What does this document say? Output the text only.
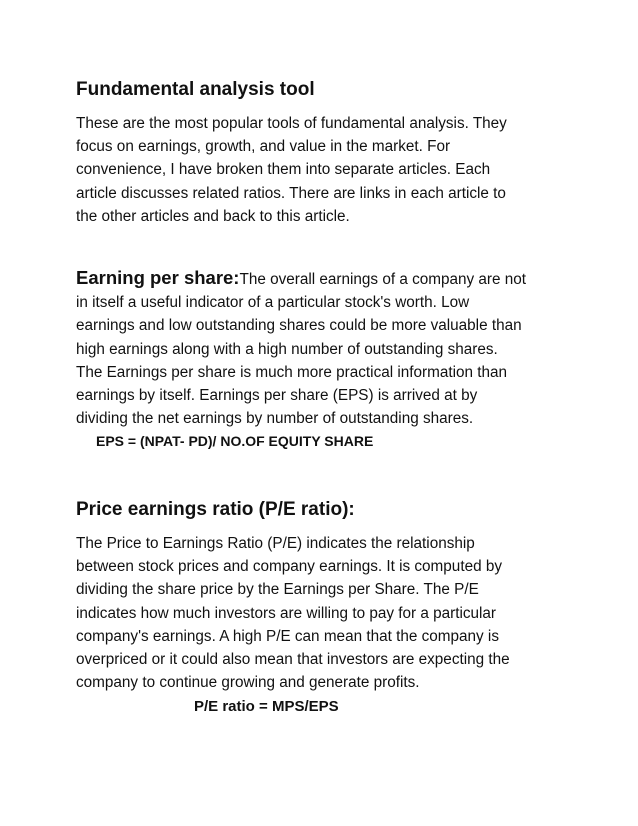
Fundamental analysis tool

These are the most popular tools of fundamental analysis. They
focus on earnings, growth, and value in the market. For
convenience, I have broken them into separate articles. Each
article discusses related ratios. There are links in each article to
the other articles and back to this article.

Earning per share:The overall earnings of a company are not
in itself a useful indicator of a particular stock's worth. Low
earnings and low outstanding shares could be more valuable than
high earnings along with a high number of outstanding shares.
The Earnings per share is much more practical information than
earnings by itself. Earnings per share (EPS) is arrived at by
dividing the net earnings by number of outstanding shares.

EPS = (NPAT- PD)/ NO.OF EQUITY SHARE
Price earnings ratio (P/E ratio):

The Price to Earnings Ratio (P/E) indicates the relationship
between stock prices and company earnings. It is computed by
dividing the share price by the Earnings per Share. The P/E
indicates how much investors are willing to pay for a particular
company's earnings. A high P/E can mean that the company is
overpriced or it could also mean that investors are expecting the
company to continue growing and generate profits.

P/E ratio = MPS/EPS
